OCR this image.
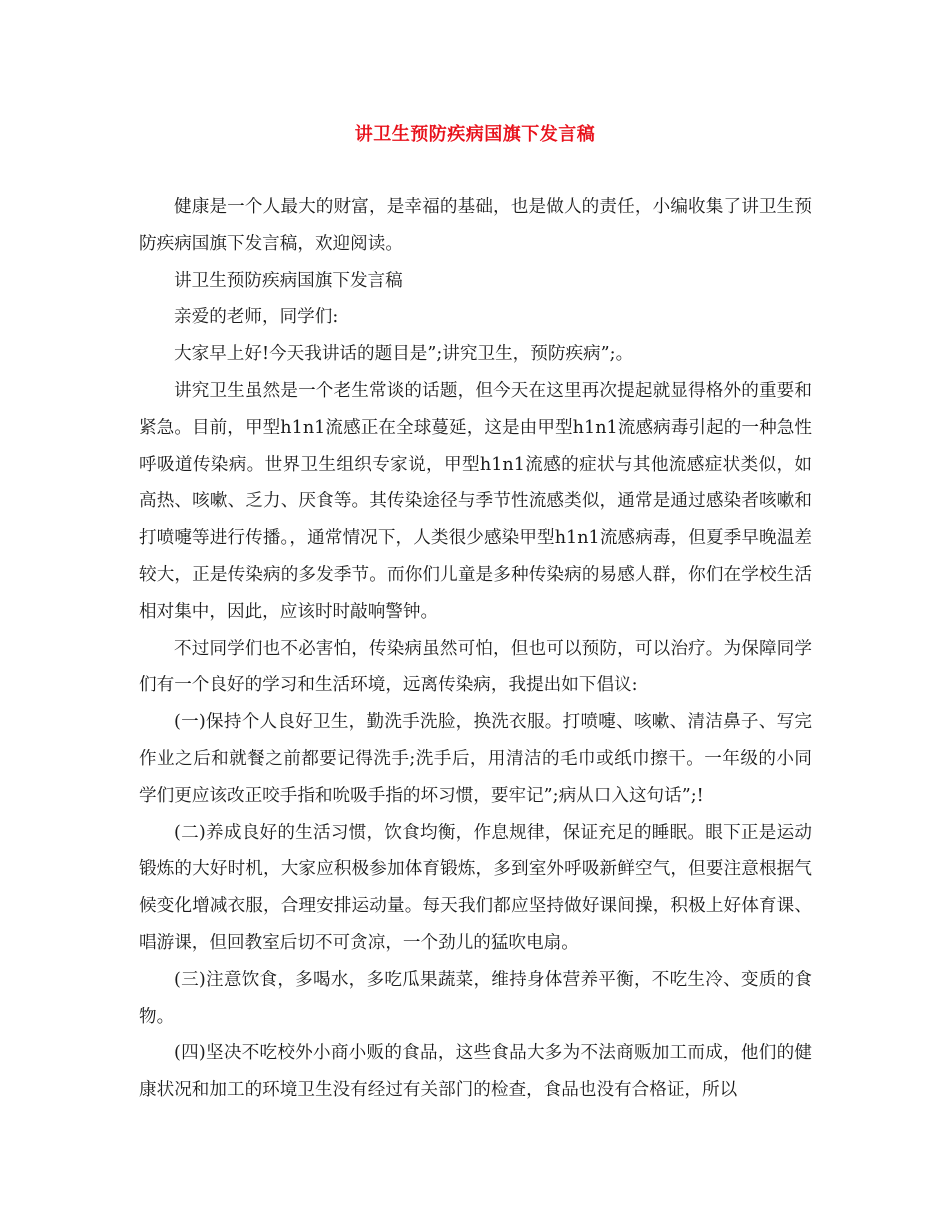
讲卫生预防疾病国旗下发言稿

健康是一个人最大的财富，是幸福的基础，也是做人的责任，小编收集了讲卫生预防疾病国旗下发言稿，欢迎阅读。

讲卫生预防疾病国旗下发言稿

亲爱的老师，同学们:

大家早上好!今天我讲话的题目是”;讲究卫生，预防疾病”;。

讲究卫生虽然是一个老生常谈的话题，但今天在这里再次提起就显得格外的重要和紧急。目前，甲型h1n1流感正在全球蔓延，这是由甲型h1n1流感病毒引起的一种急性呼吸道传染病。世界卫生组织专家说，甲型h1n1流感的症状与其他流感症状类似，如高热、咳嗽、乏力、厌食等。其传染途径与季节性流感类似，通常是通过感染者咳嗽和打喷嚏等进行传播。，通常情况下，人类很少感染甲型h1n1流感病毒，但夏季早晚温差较大，正是传染病的多发季节。而你们儿童是多种传染病的易感人群，你们在学校生活相对集中，因此，应该时时敲响警钟。

不过同学们也不必害怕，传染病虽然可怕，但也可以预防，可以治疗。为保障同学们有一个良好的学习和生活环境，远离传染病，我提出如下倡议:

(一)保持个人良好卫生，勤洗手洗脸，换洗衣服。打喷嚏、咳嗽、清洁鼻子、写完作业之后和就餐之前都要记得洗手;洗手后，用清洁的毛巾或纸巾擦干。一年级的小同学们更应该改正咬手指和吮吸手指的坏习惯，要牢记”;病从口入这句话”;!

(二)养成良好的生活习惯，饮食均衡，作息规律，保证充足的睡眠。眼下正是运动锻炼的大好时机，大家应积极参加体育锻炼，多到室外呼吸新鲜空气，但要注意根据气候变化增减衣服，合理安排运动量。每天我们都应坚持做好课间操，积极上好体育课、唱游课，但回教室后切不可贪凉，一个劲儿的猛吹电扇。

(三)注意饮食，多喝水，多吃瓜果蔬菜，维持身体营养平衡，不吃生冷、变质的食物。

(四)坚决不吃校外小商小贩的食品，这些食品大多为不法商贩加工而成，他们的健康状况和加工的环境卫生没有经过有关部门的检查，食品也没有合格证，所以
